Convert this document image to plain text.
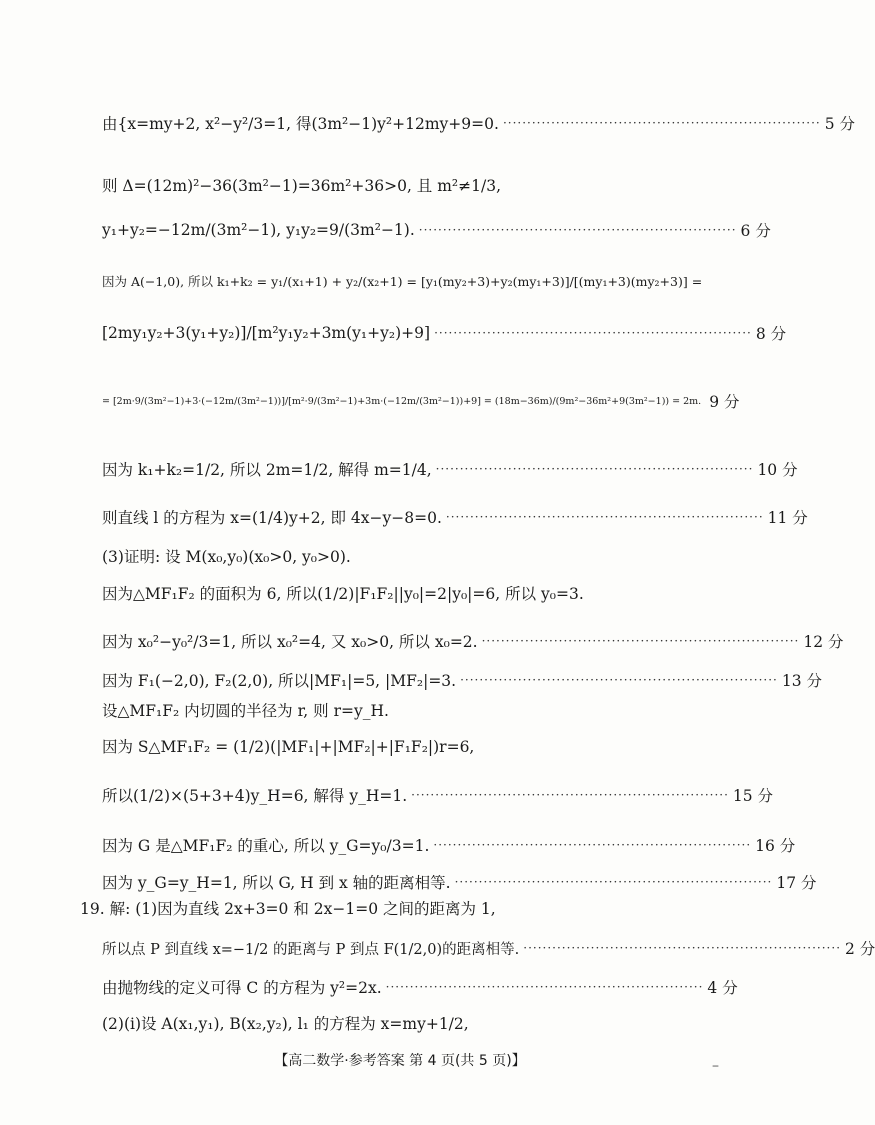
由{x=my+2, x²−y²/3=1, 得(3m²−1)y²+12my+9=0. ·································································· 5 分
则 Δ=(12m)²−36(3m²−1)=36m²+36>0, 且 m²≠1/3,
y₁+y₂=−12m/(3m²−1), y₁y₂=9/(3m²−1). ·································································· 6 分
因为 A(−1,0), 所以 k₁+k₂ = y₁/(x₁+1) + y₂/(x₂+1) = [y₁(my₂+3)+y₂(my₁+3)]/[(my₁+3)(my₂+3)] =
[2my₁y₂+3(y₁+y₂)]/[m²y₁y₂+3m(y₁+y₂)+9] ·································································· 8 分
= [2m·9/(3m²−1)+3·(−12m/(3m²−1))]/[m²·9/(3m²−1)+3m·(−12m/(3m²−1))+9] = (18m−36m)/(9m²−36m²+9(3m²−1)) = 2m. 9 分
因为 k₁+k₂=1/2, 所以 2m=1/2, 解得 m=1/4, ·································································· 10 分
则直线 l 的方程为 x=(1/4)y+2, 即 4x−y−8=0. ·································································· 11 分
(3)证明: 设 M(x₀,y₀)(x₀>0, y₀>0).
因为△MF₁F₂ 的面积为 6, 所以(1/2)|F₁F₂||y₀|=2|y₀|=6, 所以 y₀=3.
因为 x₀²−y₀²/3=1, 所以 x₀²=4, 又 x₀>0, 所以 x₀=2. ·································································· 12 分
因为 F₁(−2,0), F₂(2,0), 所以|MF₁|=5, |MF₂|=3. ·································································· 13 分
设△MF₁F₂ 内切圆的半径为 r, 则 r=y_H.
因为 S△MF₁F₂ = (1/2)(|MF₁|+|MF₂|+|F₁F₂|)r=6,
所以(1/2)×(5+3+4)y_H=6, 解得 y_H=1. ·································································· 15 分
因为 G 是△MF₁F₂ 的重心, 所以 y_G=y₀/3=1. ·································································· 16 分
因为 y_G=y_H=1, 所以 G, H 到 x 轴的距离相等. ·································································· 17 分
19. 解: (1)因为直线 2x+3=0 和 2x−1=0 之间的距离为 1,
所以点 P 到直线 x=−1/2 的距离与 P 到点 F(1/2,0)的距离相等. ·································································· 2 分
由抛物线的定义可得 C 的方程为 y²=2x. ·································································· 4 分
(2)(i)设 A(x₁,y₁), B(x₂,y₂), l₁ 的方程为 x=my+1/2,
【高二数学·参考答案 第 4 页(共 5 页)】	–
